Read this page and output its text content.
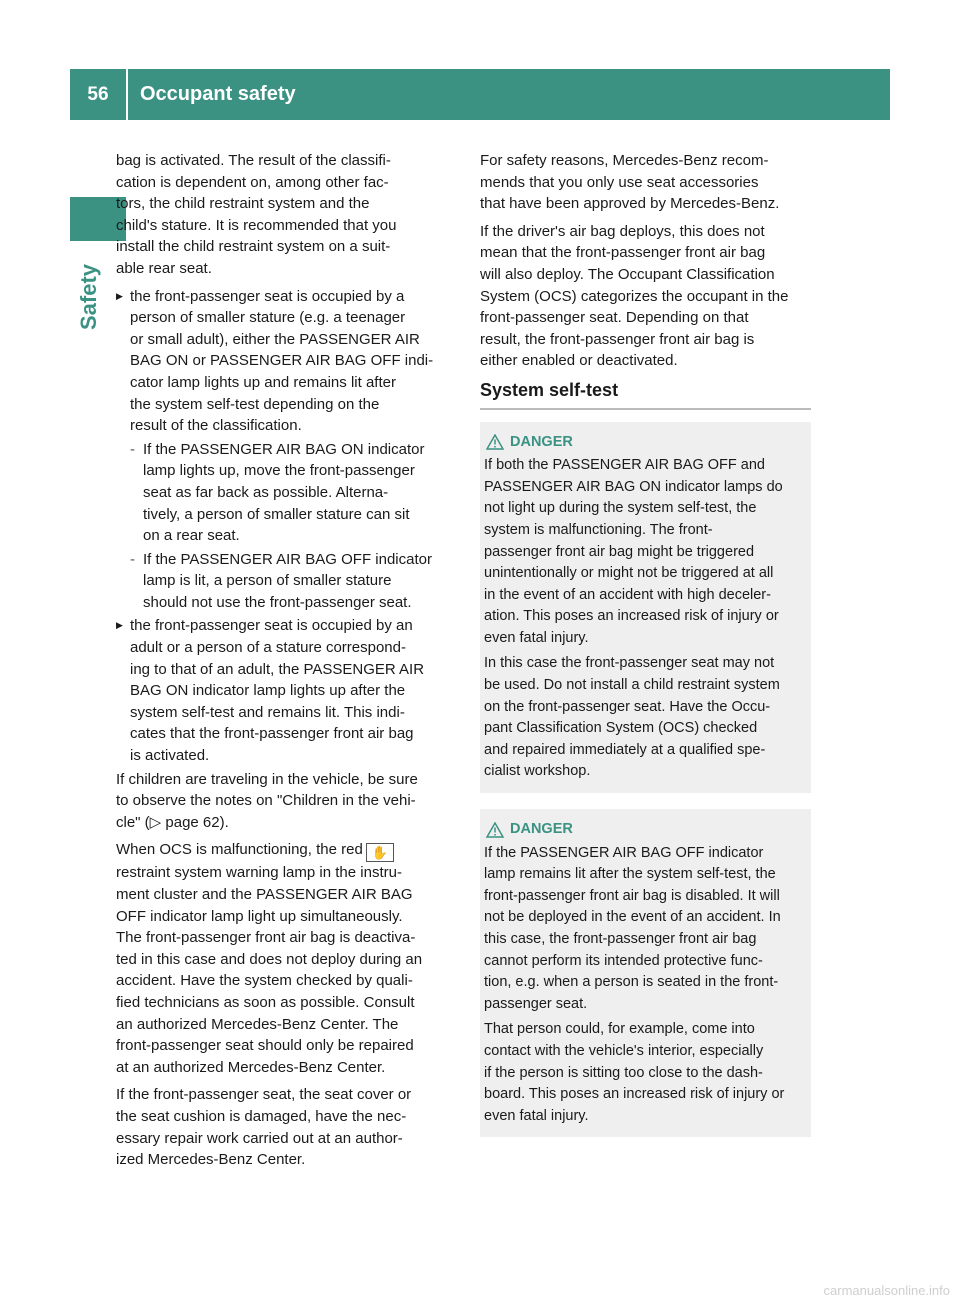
56	Occupant safety
Safety

bag is activated. The result of the classifi-
cation is dependent on, among other fac-
tors, the child restraint system and the
child's stature. It is recommended that you
install the child restraint system on a suit-
able rear seat.

▶ the front-passenger seat is occupied by a
person of smaller stature (e.g. a teenager
or small adult), either the PASSENGER AIR
BAG ON or PASSENGER AIR BAG OFF indi-
cator lamp lights up and remains lit after
the system self-test depending on the
result of the classification.
- If the PASSENGER AIR BAG ON indicator
lamp lights up, move the front-passenger
seat as far back as possible. Alterna-
tively, a person of smaller stature can sit
on a rear seat.
- If the PASSENGER AIR BAG OFF indicator
lamp is lit, a person of smaller stature
should not use the front-passenger seat.
▶ the front-passenger seat is occupied by an
adult or a person of a stature correspond-
ing to that of an adult, the PASSENGER AIR
BAG ON indicator lamp lights up after the
system self-test and remains lit. This indi-
cates that the front-passenger front air bag
is activated.

If children are traveling in the vehicle, be sure
to observe the notes on "Children in the vehi-
cle" (▷ page 62).

When OCS is malfunctioning, the red ✋
restraint system warning lamp in the instru-
ment cluster and the PASSENGER AIR BAG
OFF indicator lamp light up simultaneously.
The front-passenger front air bag is deactiva-
ted in this case and does not deploy during an
accident. Have the system checked by quali-
fied technicians as soon as possible. Consult
an authorized Mercedes-Benz Center. The
front-passenger seat should only be repaired
at an authorized Mercedes-Benz Center.

If the front-passenger seat, the seat cover or
the seat cushion is damaged, have the nec-
essary repair work carried out at an author-
ized Mercedes-Benz Center.

For safety reasons, Mercedes-Benz recom-
mends that you only use seat accessories
that have been approved by Mercedes-Benz.

If the driver's air bag deploys, this does not
mean that the front-passenger front air bag
will also deploy. The Occupant Classification
System (OCS) categorizes the occupant in the
front-passenger seat. Depending on that
result, the front-passenger front air bag is
either enabled or deactivated.

System self-test
DANGER

If both the PASSENGER AIR BAG OFF and
PASSENGER AIR BAG ON indicator lamps do
not light up during the system self-test, the
system is malfunctioning. The front-
passenger front air bag might be triggered
unintentionally or might not be triggered at all
in the event of an accident with high deceler-
ation. This poses an increased risk of injury or
even fatal injury.

In this case the front-passenger seat may not
be used. Do not install a child restraint system
on the front-passenger seat. Have the Occu-
pant Classification System (OCS) checked
and repaired immediately at a qualified spe-
cialist workshop.

DANGER

If the PASSENGER AIR BAG OFF indicator
lamp remains lit after the system self-test, the
front-passenger front air bag is disabled. It will
not be deployed in the event of an accident. In
this case, the front-passenger front air bag
cannot perform its intended protective func-
tion, e.g. when a person is seated in the front-
passenger seat.

That person could, for example, come into
contact with the vehicle's interior, especially
if the person is sitting too close to the dash-
board. This poses an increased risk of injury or
even fatal injury.

carmanualsonline.info
